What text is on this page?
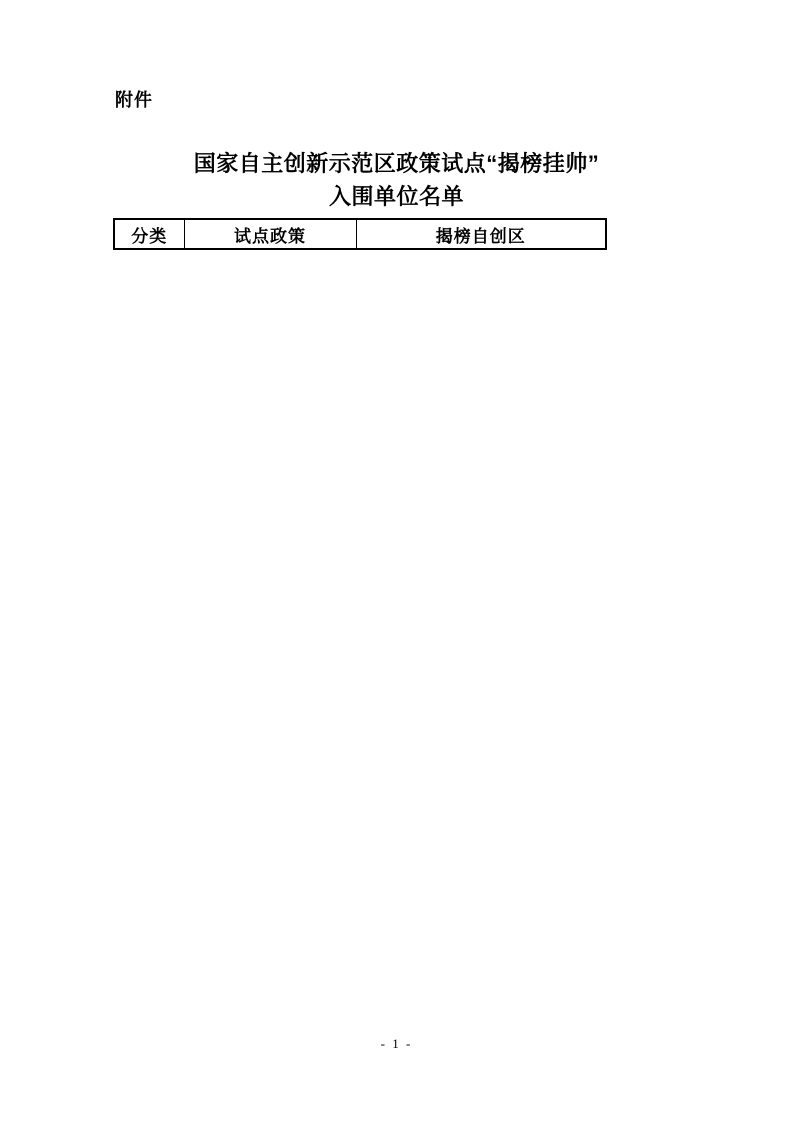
附件
国家自主创新示范区政策试点“揭榜挂帅”
入围单位名单
分类	试点政策	揭榜自创区
- 1 -
